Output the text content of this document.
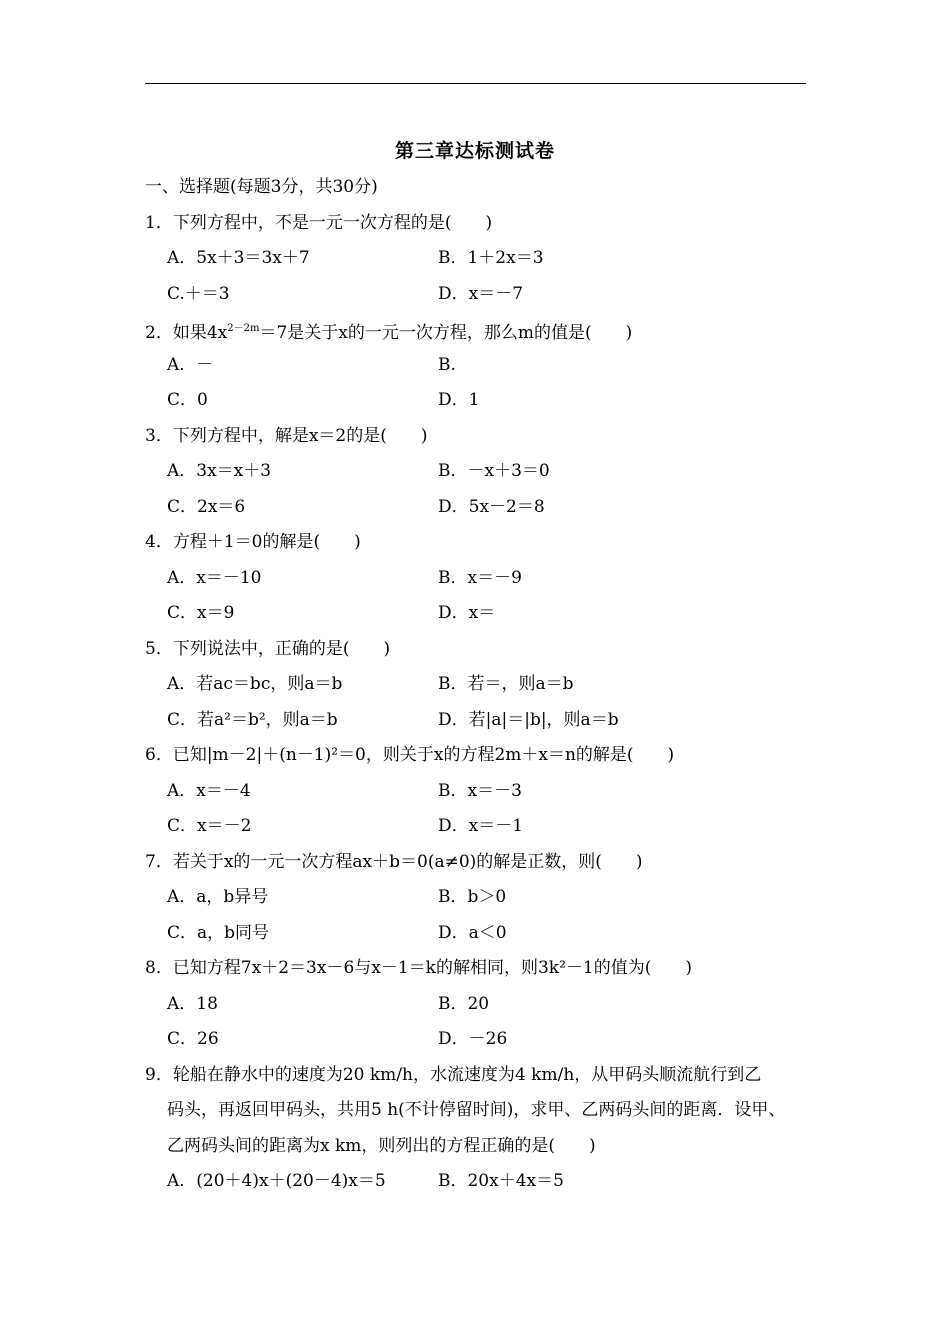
第三章达标测试卷
一、选择题(每题3分，共30分)
1．下列方程中，不是一元一次方程的是(　　)
A．5x＋3＝3x＋7	B．1＋2x＝3
C.＋＝3	D．x＝－7
2．如果$4x^{2-2m}=7$是关于x的一元一次方程，那么m的值是(　　)
A．－	B.
C．0	D．1
3．下列方程中，解是x＝2的是(　　)
A．3x＝x＋3	B．－x＋3＝0
C．2x＝6	D．5x－2＝8
4．方程＋1＝0的解是(　　)
A．x＝－10	B．x＝－9
C．x＝9	D．x＝
5．下列说法中，正确的是(　　)
A．若ac＝bc，则a＝b	B．若＝，则a＝b
C．若a²＝b²，则a＝b	D．若|a|＝|b|，则a＝b
6．已知|m－2|＋(n－1)²＝0，则关于x的方程2m＋x＝n的解是(　　)
A．x＝－4	B．x＝－3
C．x＝－2	D．x＝－1
7．若关于x的一元一次方程ax＋b＝0(a≠0)的解是正数，则(　　)
A．a，b异号	B．b＞0
C．a，b同号	D．a＜0
8．已知方程7x＋2＝3x－6与x－1＝k的解相同，则3k²－1的值为(　　)
A．18	B．20
C．26	D．－26
9．轮船在静水中的速度为20 km/h，水流速度为4 km/h，从甲码头顺流航行到乙
码头，再返回甲码头，共用5 h(不计停留时间)，求甲、乙两码头间的距离．设甲、
乙两码头间的距离为x km，则列出的方程正确的是(　　)
A．(20＋4)x＋(20－4)x＝5	B．20x＋4x＝5
